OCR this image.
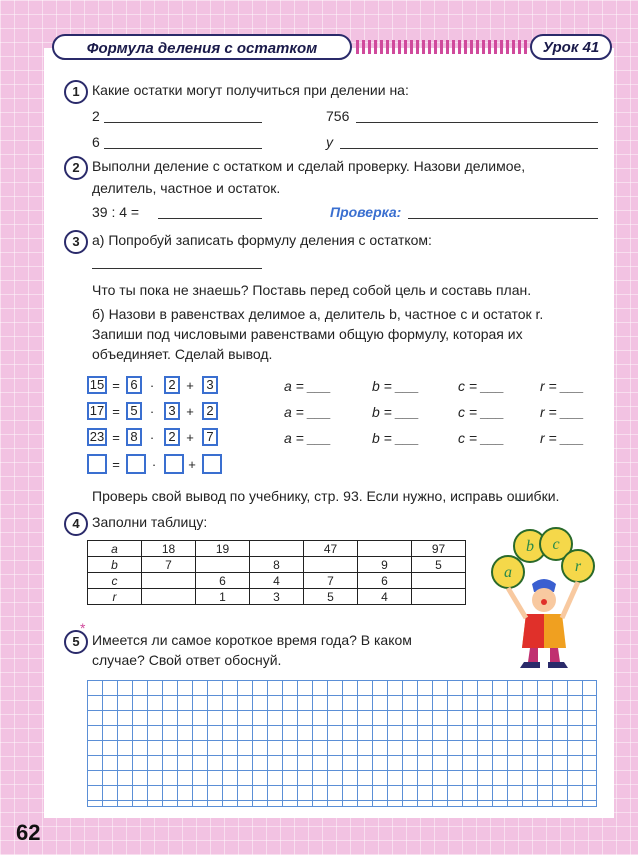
Формула деления с остатком	Урок 41
1 Какие остатки могут получиться при делении на:
2
6
756
y
2 Выполни деление с остатком и сделай проверку. Назови делимое,
делитель, частное и остаток.
39 : 4 =	Проверка:
3 а) Попробуй записать формулу деления с остатком:
Что ты пока не знаешь? Поставь перед собой цель и составь план.
б) Назови в равенствах делимое a, делитель b, частное c и остаток r.
Запиши под числовыми равенствами общую формулу, которая их
объединяет. Сделай вывод.
15 = 6 ·	2 + 3
17 = 5 ·	3 + 2
23 = 8 ·	2 + 7
= · +
a = ___	b = ___	c = ___	r = ___
a = ___	b = ___	c = ___	r = ___
a = ___	b = ___	c = ___	r = ___
Проверь свой вывод по учебнику, стр. 93. Если нужно, исправь ошибки.
4 Заполни таблицу:
a	18	19		47		97
b	7		8		9	5
c		6	4	7	6	
r		1	3	5	4	
a
b c
r
5
*
Имеется ли самое короткое время года? В каком
случае? Свой ответ обоснуй.
62
